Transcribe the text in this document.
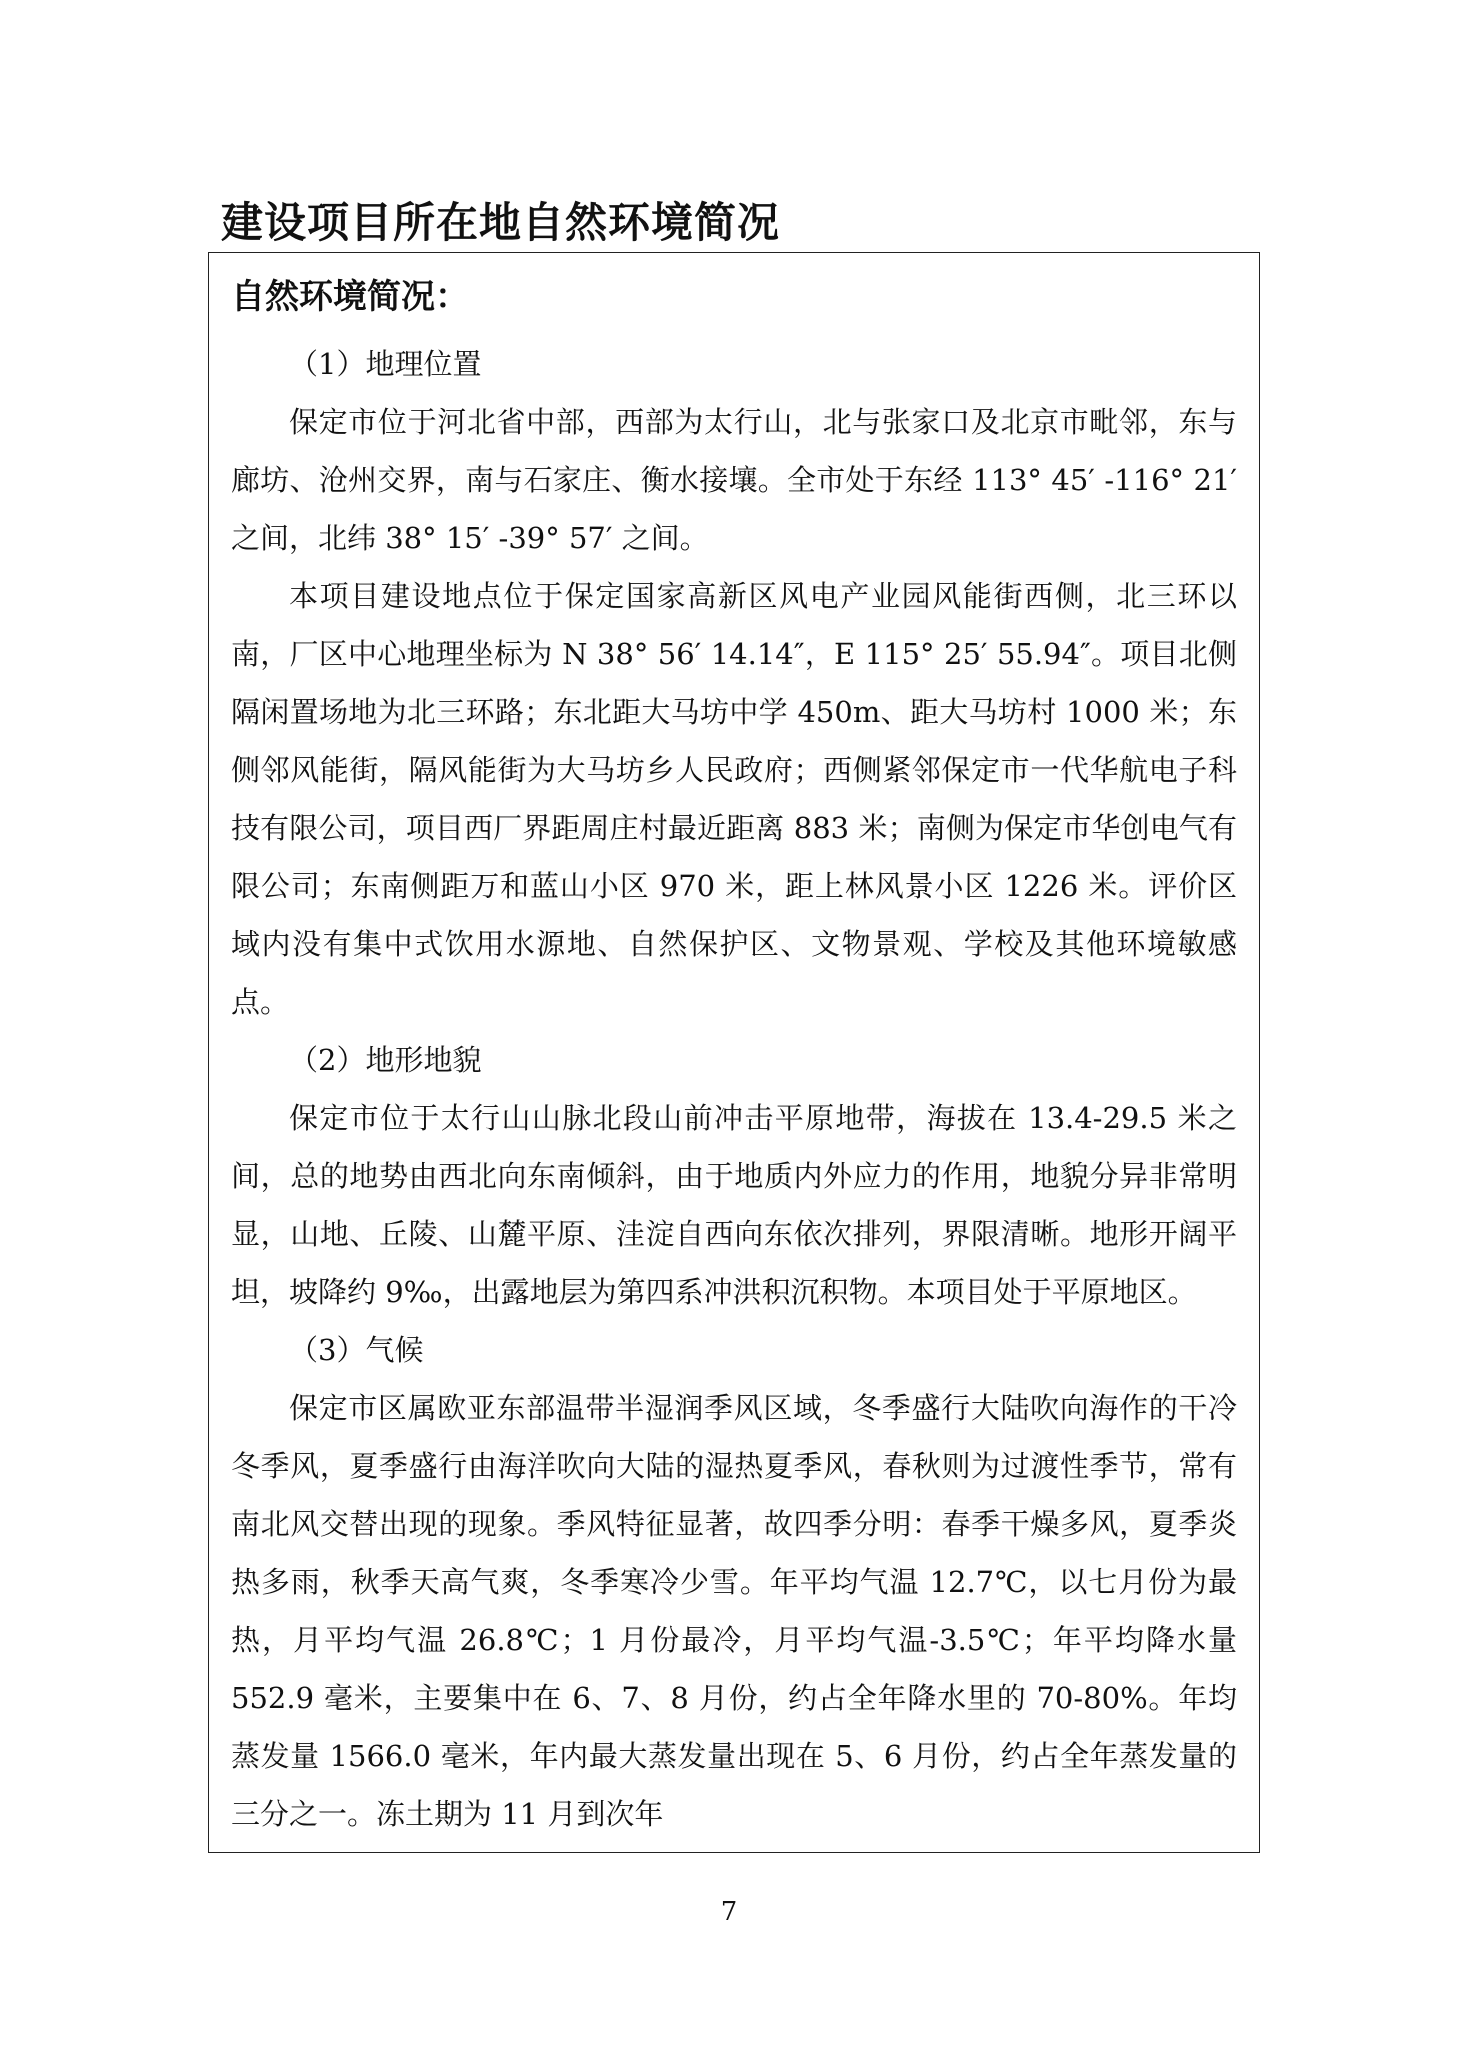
建设项目所在地自然环境简况
自然环境简况：
（1）地理位置

保定市位于河北省中部，西部为太行山，北与张家口及北京市毗邻，东与廊坊、沧州交界，南与石家庄、衡水接壤。全市处于东经 113° 45′ -116° 21′ 之间，北纬 38° 15′ -39° 57′ 之间。

本项目建设地点位于保定国家高新区风电产业园风能街西侧，北三环以南，厂区中心地理坐标为 N 38° 56′ 14.14″，E 115° 25′ 55.94″。项目北侧隔闲置场地为北三环路；东北距大马坊中学 450m、距大马坊村 1000 米；东侧邻风能街，隔风能街为大马坊乡人民政府；西侧紧邻保定市一代华航电子科技有限公司，项目西厂界距周庄村最近距离 883 米；南侧为保定市华创电气有限公司；东南侧距万和蓝山小区 970 米，距上林风景小区 1226 米。评价区域内没有集中式饮用水源地、自然保护区、文物景观、学校及其他环境敏感点。

（2）地形地貌

保定市位于太行山山脉北段山前冲击平原地带，海拔在 13.4-29.5 米之间，总的地势由西北向东南倾斜，由于地质内外应力的作用，地貌分异非常明显，山地、丘陵、山麓平原、洼淀自西向东依次排列，界限清晰。地形开阔平坦，坡降约 9‰，出露地层为第四系冲洪积沉积物。本项目处于平原地区。

（3）气候

保定市区属欧亚东部温带半湿润季风区域，冬季盛行大陆吹向海作的干冷冬季风，夏季盛行由海洋吹向大陆的湿热夏季风，春秋则为过渡性季节，常有南北风交替出现的现象。季风特征显著，故四季分明：春季干燥多风，夏季炎热多雨，秋季天高气爽，冬季寒冷少雪。年平均气温 12.7℃，以七月份为最热，月平均气温 26.8℃；1 月份最冷，月平均气温-3.5℃；年平均降水量 552.9 毫米，主要集中在 6、7、8 月份，约占全年降水里的 70-80%。年均蒸发量 1566.0 毫米，年内最大蒸发量出现在 5、6 月份，约占全年蒸发量的三分之一。冻土期为 11 月到次年

7
